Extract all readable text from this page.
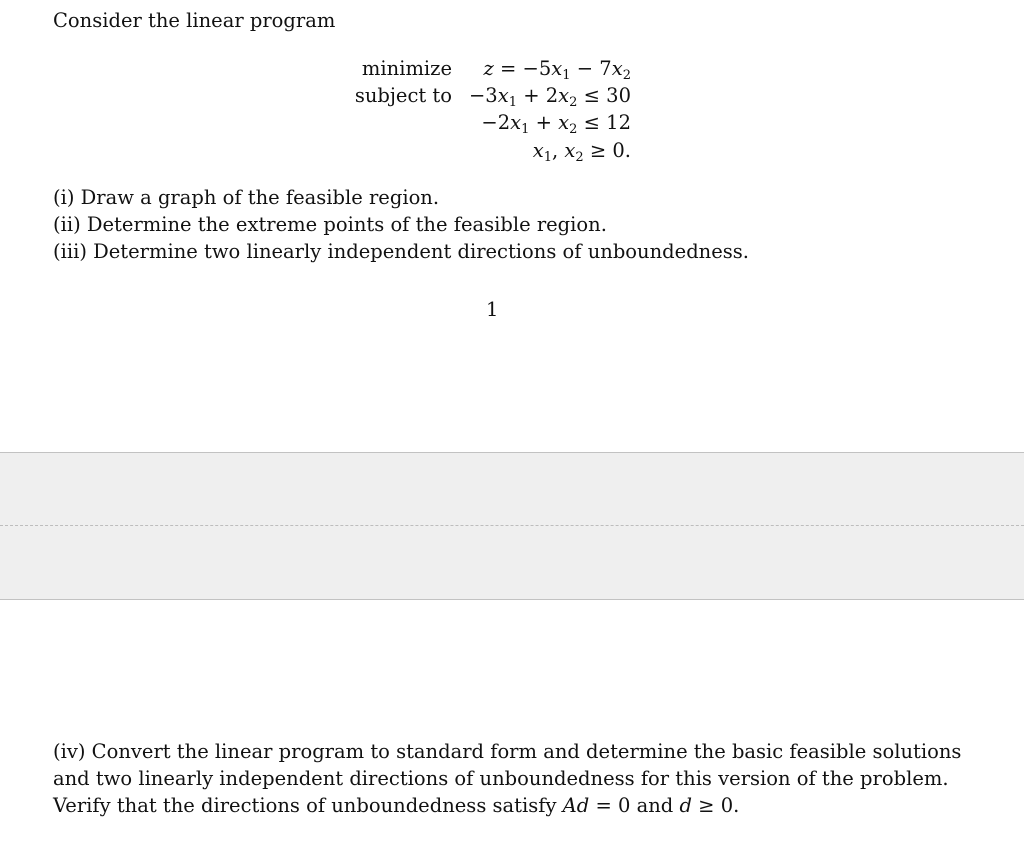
Consider the linear program
minimize
subject to
$z = -5x_1 - 7x_2$
$-3x_1 + 2x_2 \le 30$
$-2x_1 + x_2 \le 12$
$x_1$, $x_2 \ge 0$.
(i) Draw a graph of the feasible region.
(ii) Determine the extreme points of the feasible region.
(iii) Determine two linearly independent directions of unboundedness.
1
(iv) Convert the linear program to standard form and determine the basic feasible solutions
and two linearly independent directions of unboundedness for this version of the problem.
Verify that the directions of unboundedness satisfy Ad = 0 and d ≥ 0.
